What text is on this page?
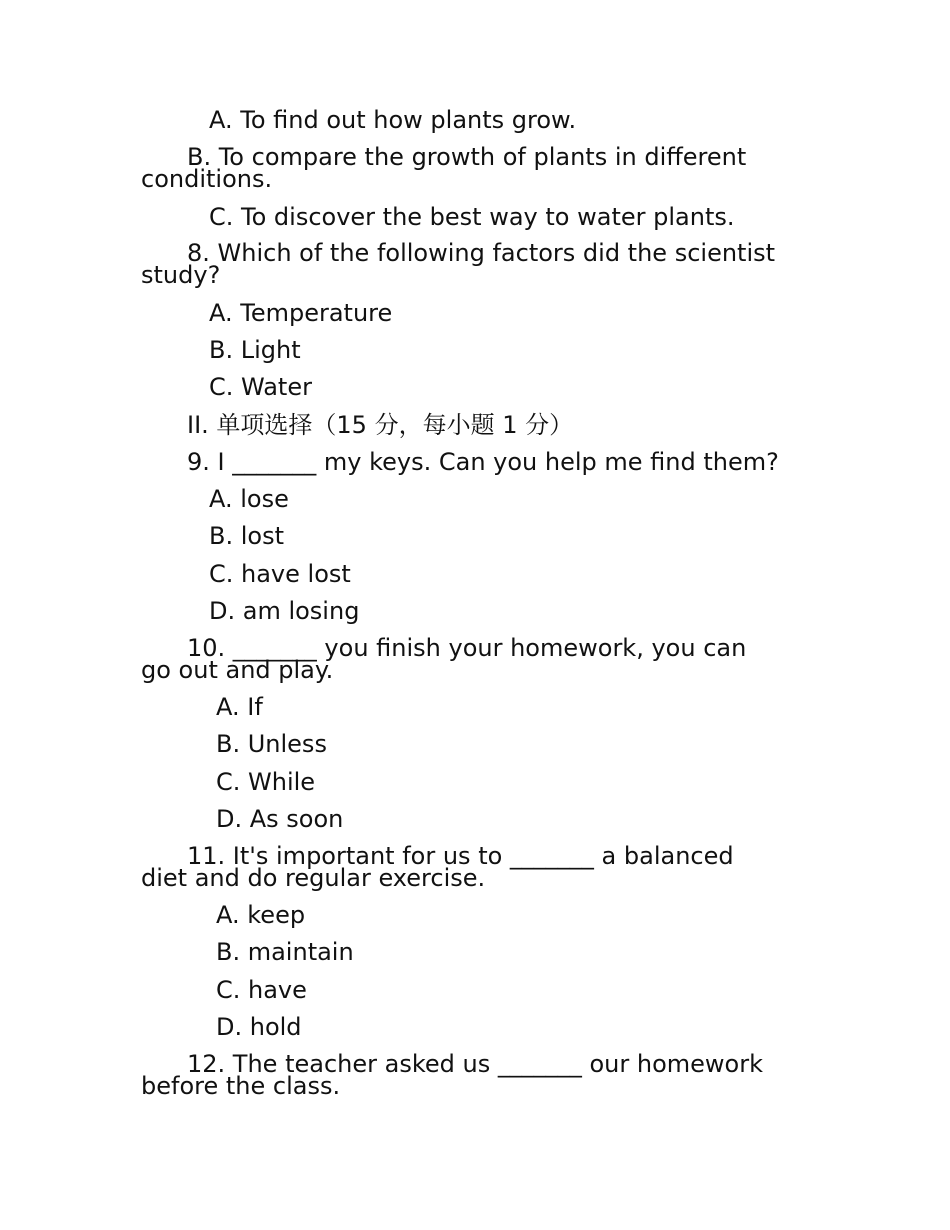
A. To find out how plants grow.
B. To compare the growth of plants in different conditions.
C. To discover the best way to water plants.
8. Which of the following factors did the scientist study?
A. Temperature
B. Light
C. Water
II. 单项选择（15 分，每小题 1 分）
9. I _______ my keys. Can you help me find them?
A. lose
B. lost
C. have lost
D. am losing
10. _______ you finish your homework, you can go out and play.
A. If
B. Unless
C. While
D. As soon
11. It's important for us to _______ a balanced diet and do regular exercise.
A. keep
B. maintain
C. have
D. hold
12. The teacher asked us _______ our homework before the class.
